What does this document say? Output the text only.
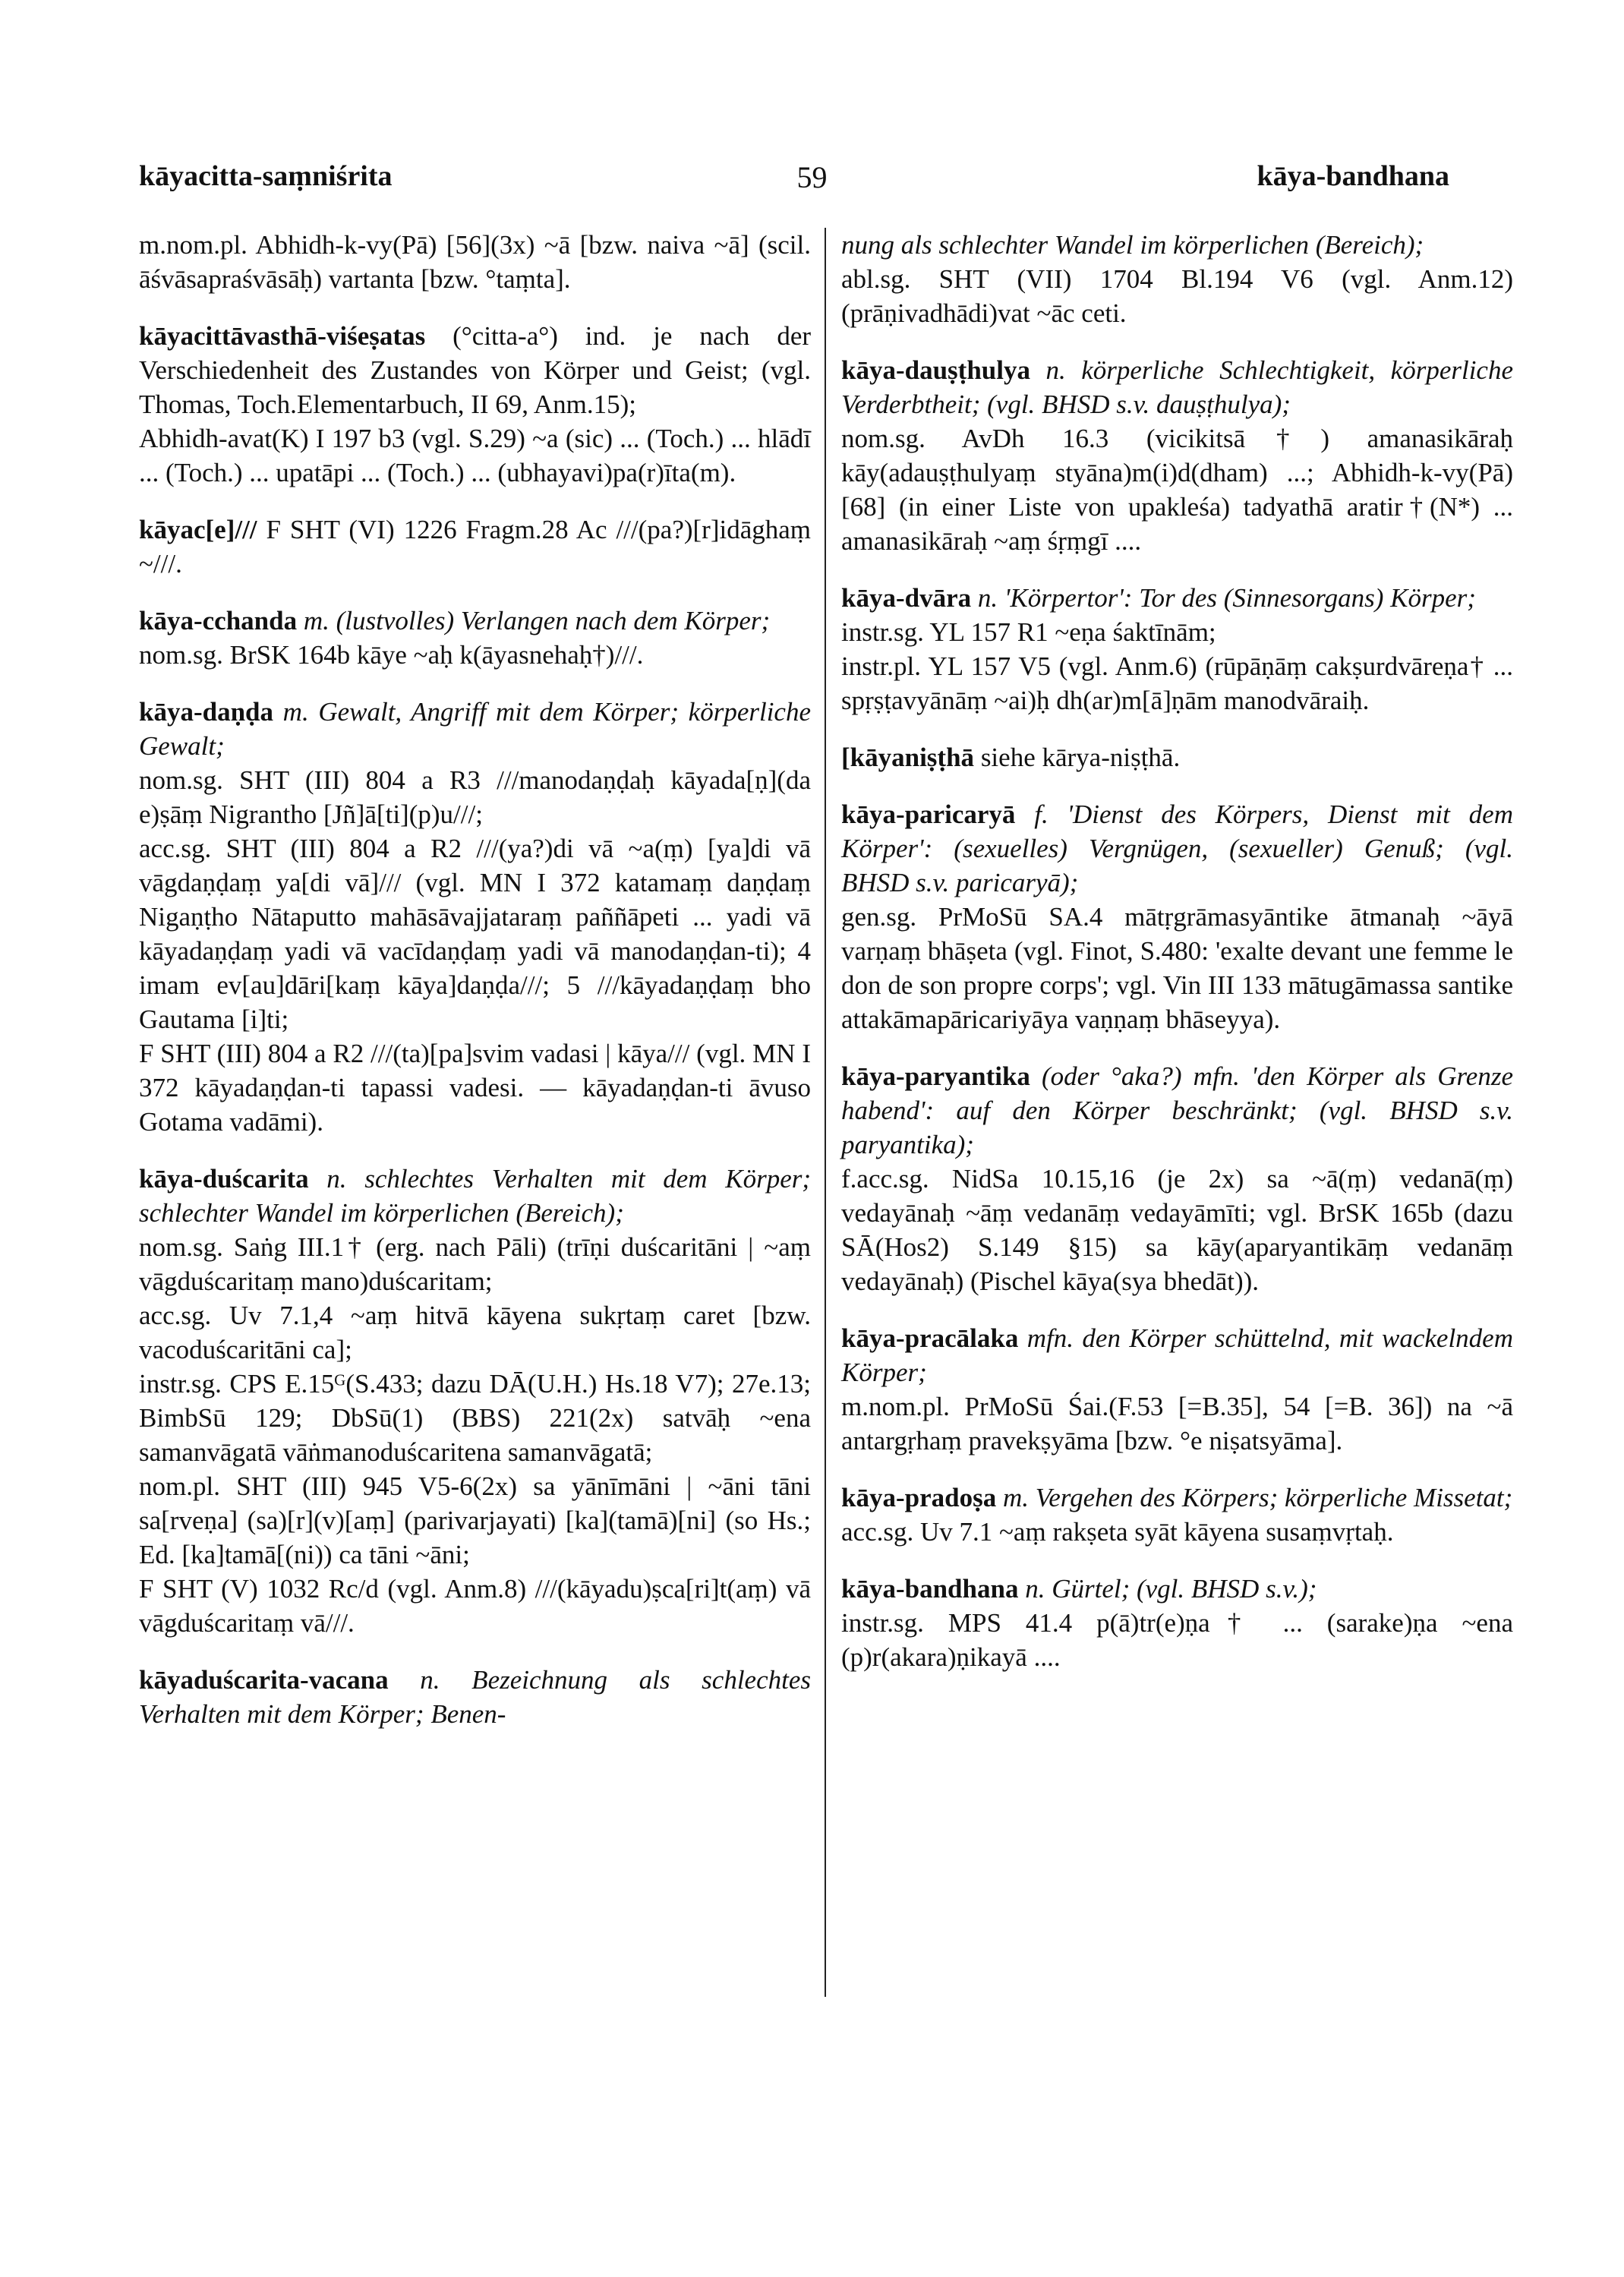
kāyacitta-saṃniśrita	59	kāya-bandhana

m.nom.pl. Abhidh-k-vy(Pā) [56](3x) ~ā [bzw. naiva ~ā] (scil. āśvāsapraśvāsāḥ) vartanta [bzw. °taṃta].

kāyacittāvasthā-viśeṣatas (°citta-a°) ind. je nach der Verschiedenheit des Zustandes von Körper und Geist; (vgl. Thomas, Toch.Elementarbuch, II 69, Anm.15);

Abhidh-avat(K) I 197 b3 (vgl. S.29) ~a (sic) ... (Toch.) ... hlādī ... (Toch.) ... upatāpi ... (Toch.) ... (ubhayavi)pa(r)īta(m).

kāyac[e]/// F SHT (VI) 1226 Fragm.28 Ac ///(pa?)[r]idāghaṃ ~///.

kāya-cchanda m. (lustvolles) Verlangen nach dem Körper;

nom.sg. BrSK 164b kāye ~aḥ k(āyasnehaḥ†)///.

kāya-daṇḍa m. Gewalt, Angriff mit dem Körper; körperliche Gewalt;

nom.sg. SHT (III) 804 a R3 ///manodaṇḍaḥ kāyada[ṇ](da e)ṣāṃ Nigrantho [Jñ]ā[ti](p)u///;

acc.sg. SHT (III) 804 a R2 ///(ya?)di vā ~a(ṃ) [ya]di vā vāgdaṇḍaṃ ya[di vā]/// (vgl. MN I 372 katamaṃ daṇḍaṃ Nigaṇṭho Nātaputto mahāsāvajjataraṃ paññāpeti ... yadi vā kāyadaṇḍaṃ yadi vā vacīdaṇḍaṃ yadi vā manodaṇḍan-ti); 4 imam ev[au]dāri[kaṃ kāya]daṇḍa///; 5 ///kāyadaṇḍaṃ bho Gautama [i]ti;

F SHT (III) 804 a R2 ///(ta)[pa]svim vadasi | kāya/// (vgl. MN I 372 kāyadaṇḍan-ti tapassi vadesi. — kāyadaṇḍan-ti āvuso Gotama vadāmi).

kāya-duścarita n. schlechtes Verhalten mit dem Körper; schlechter Wandel im körperlichen (Bereich);

nom.sg. Saṅg III.1† (erg. nach Pāli) (trīṇi duścaritāni | ~aṃ vāgduścaritaṃ mano)duścaritam;

acc.sg. Uv 7.1,4 ~aṃ hitvā kāyena sukṛtaṃ caret [bzw. vacoduścaritāni ca];

instr.sg. CPS E.15ᴳ(S.433; dazu DĀ(U.H.) Hs.18 V7); 27e.13; BimbSū 129; DbSū(1) (BBS) 221(2x) satvāḥ ~ena samanvāgatā vāṅmanoduścaritena samanvāgatā;

nom.pl. SHT (III) 945 V5-6(2x) sa yānīmāni | ~āni tāni sa[rveṇa] (sa)[r](v)[aṃ] (parivarjayati) [ka](tamā)[ni] (so Hs.; Ed. [ka]tamā[(ni)) ca tāni ~āni;

F SHT (V) 1032 Rc/d (vgl. Anm.8) ///(kāyadu)ṣca[ri]t(aṃ) vā vāgduścaritaṃ vā///.

kāyaduścarita-vacana n. Bezeichnung als schlechtes Verhalten mit dem Körper; Benen-

nung als schlechter Wandel im körperlichen (Bereich);

abl.sg. SHT (VII) 1704 Bl.194 V6 (vgl. Anm.12) (prāṇivadhādi)vat ~āc ceti.

kāya-dauṣṭhulya n. körperliche Schlechtigkeit, körperliche Verderbtheit; (vgl. BHSD s.v. dauṣṭhulya);

nom.sg. AvDh 16.3 (vicikitsā†) amanasikāraḥ kāy(adauṣṭhulyaṃ styāna)m(i)d(dham) ...; Abhidh-k-vy(Pā) [68] (in einer Liste von upakleśa) tadyathā aratir†(N*) ... amanasikāraḥ ~aṃ śṛṃgī ....

kāya-dvāra n. 'Körpertor': Tor des (Sinnesorgans) Körper;

instr.sg. YL 157 R1 ~eṇa śaktīnām;

instr.pl. YL 157 V5 (vgl. Anm.6) (rūpāṇāṃ cakṣurdvāreṇa† ... spṛṣṭavyānāṃ ~ai)ḥ dh(ar)m[ā]ṇām manodvāraiḥ.

[kāyaniṣṭhā siehe kārya-niṣṭhā.

kāya-paricaryā f. 'Dienst des Körpers, Dienst mit dem Körper': (sexuelles) Vergnügen, (sexueller) Genuß; (vgl. BHSD s.v. paricaryā);

gen.sg. PrMoSū SA.4 mātṛgrāmasyāntike ātmanaḥ ~āyā varṇaṃ bhāṣeta (vgl. Finot, S.480: 'exalte devant une femme le don de son propre corps'; vgl. Vin III 133 mātugāmassa santike attakāmapāricariyāya vaṇṇaṃ bhāseyya).

kāya-paryantika (oder °aka?) mfn. 'den Körper als Grenze habend': auf den Körper beschränkt; (vgl. BHSD s.v. paryantika);

f.acc.sg. NidSa 10.15,16 (je 2x) sa ~ā(ṃ) vedanā(ṃ) vedayānaḥ ~āṃ vedanāṃ vedayāmīti; vgl. BrSK 165b (dazu SĀ(Hos2) S.149 §15) sa kāy(aparyantikāṃ vedanāṃ vedayānaḥ) (Pischel kāya(sya bhedāt)).

kāya-pracālaka mfn. den Körper schüttelnd, mit wackelndem Körper;

m.nom.pl. PrMoSū Śai.(F.53 [=B.35], 54 [=B. 36]) na ~ā antargṛhaṃ pravekṣyāma [bzw. °e niṣatsyāma].

kāya-pradoṣa m. Vergehen des Körpers; körperliche Missetat;

acc.sg. Uv 7.1 ~aṃ rakṣeta syāt kāyena susaṃvṛtaḥ.

kāya-bandhana n. Gürtel; (vgl. BHSD s.v.);

instr.sg. MPS 41.4 p(ā)tr(e)ṇa† ... (sarake)ṇa ~ena (p)r(akara)ṇikayā ....
